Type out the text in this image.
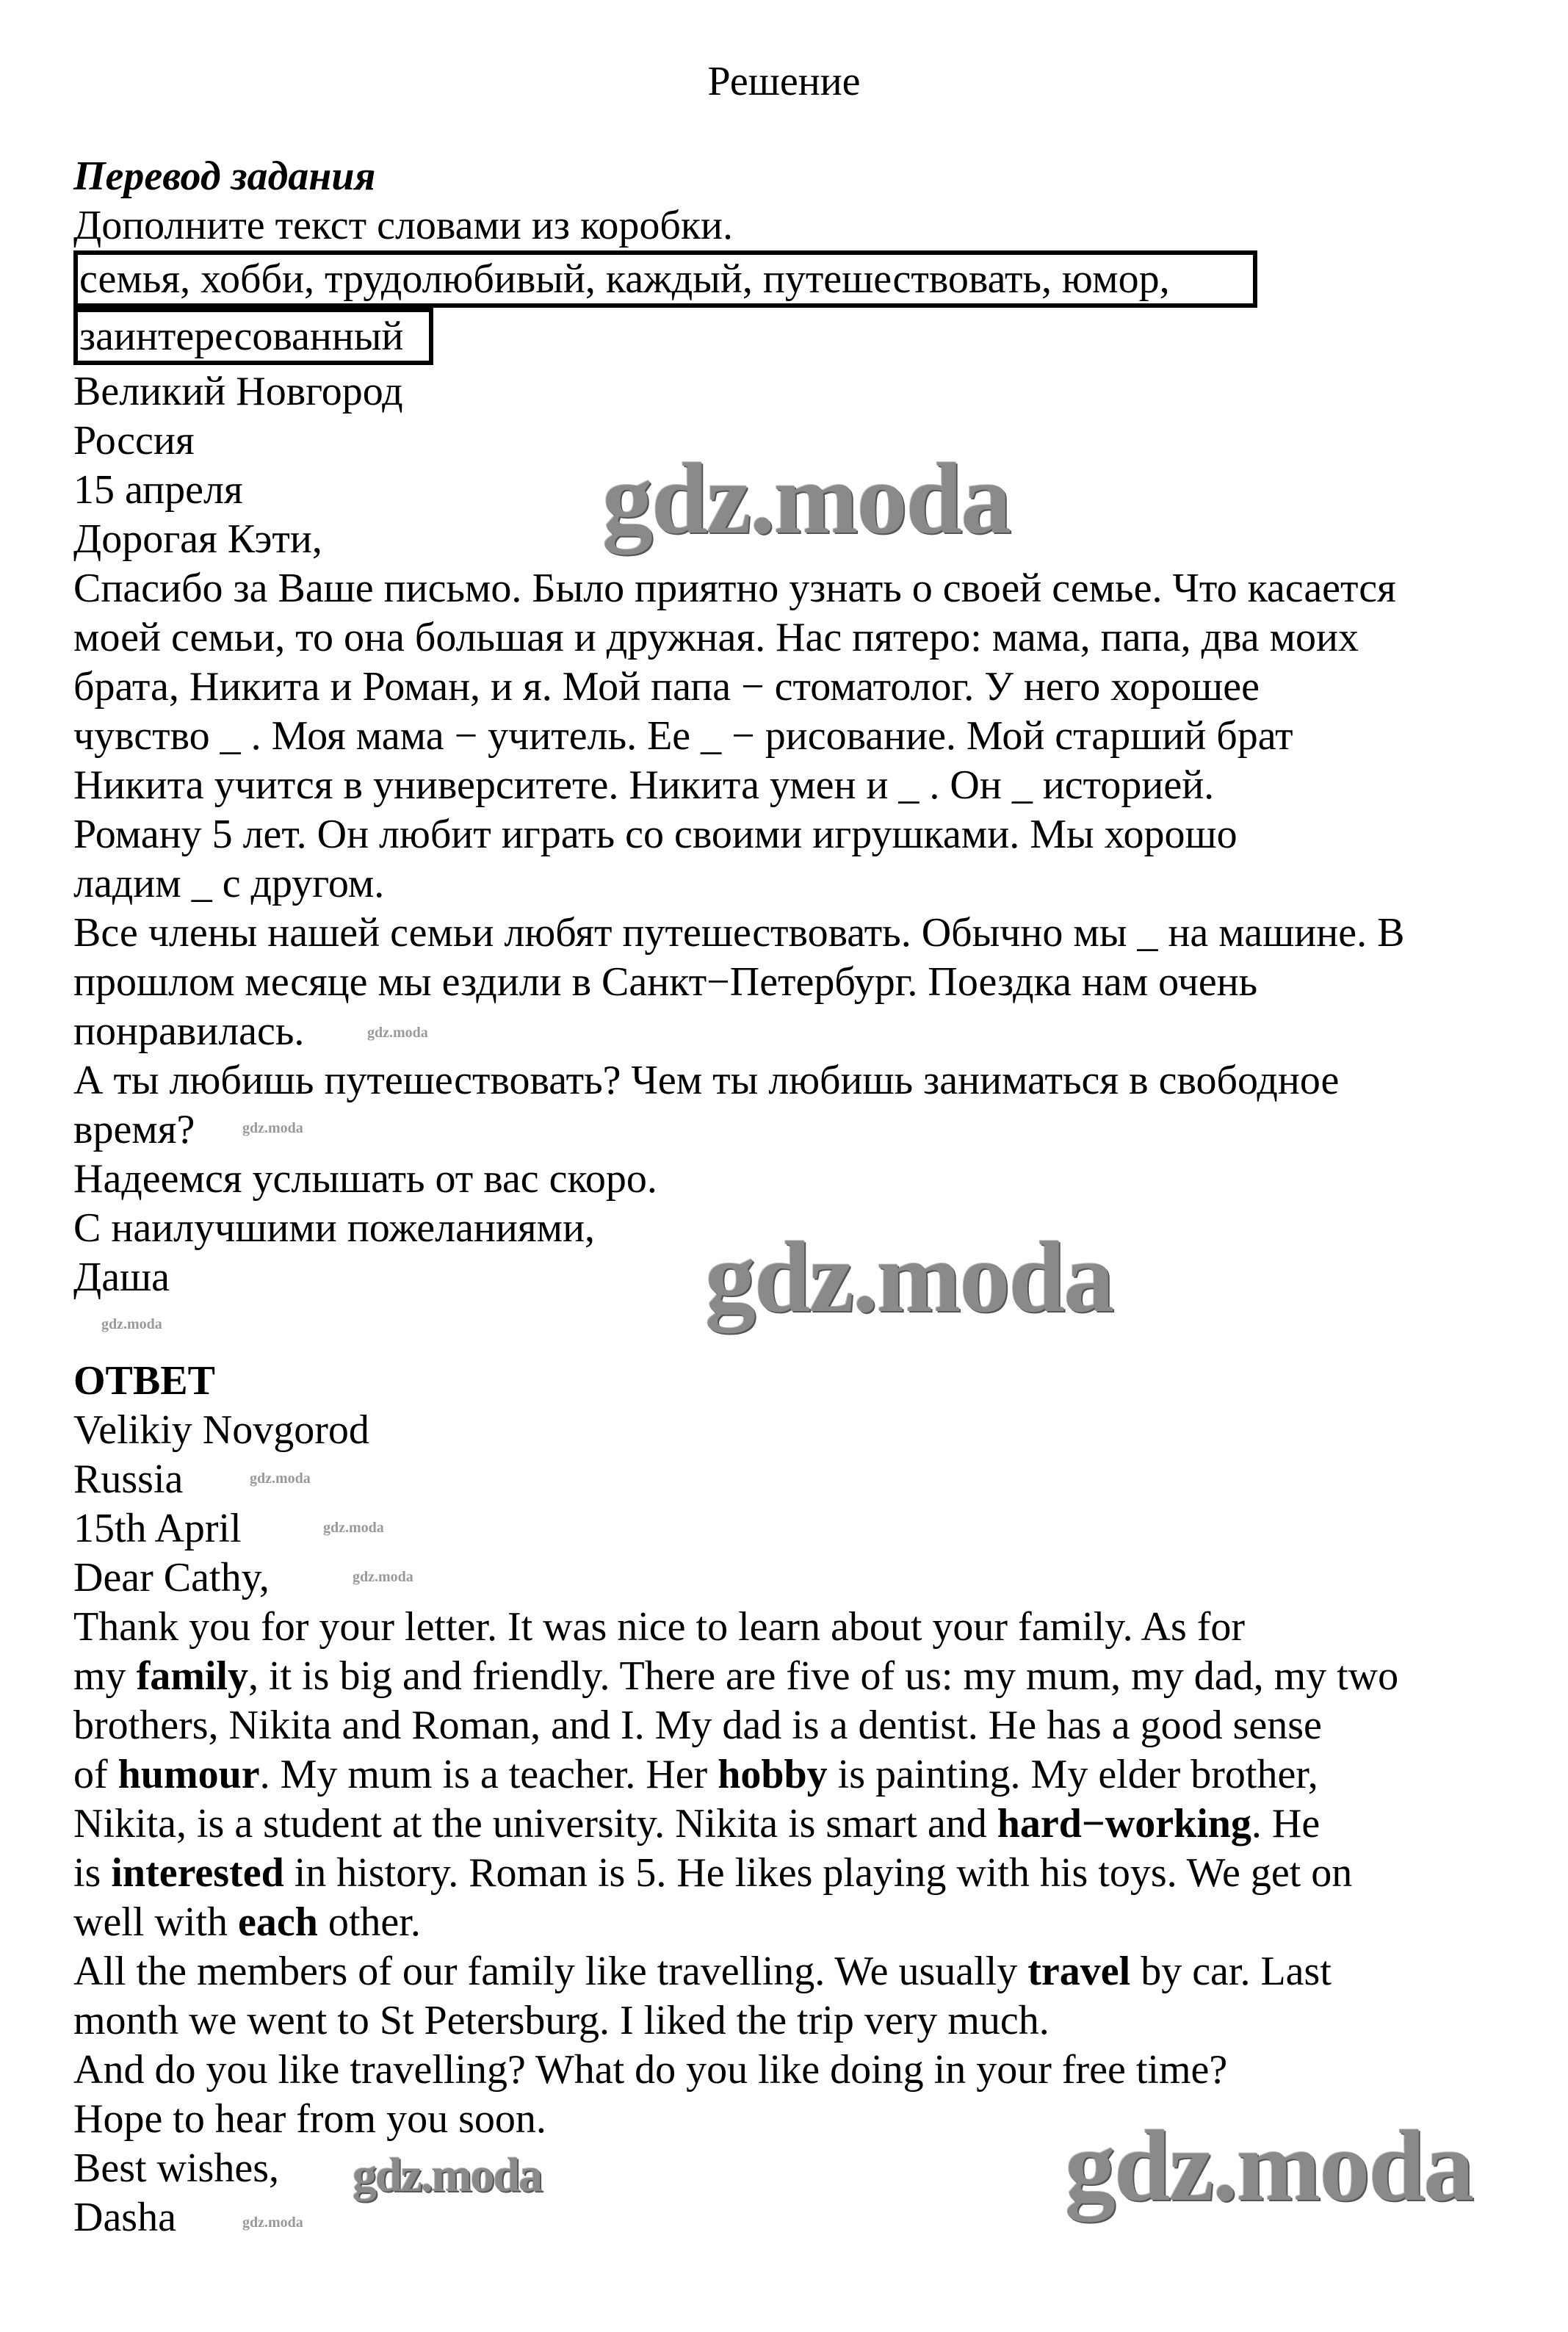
Решение
Перевод задания
Дополните текст словами из коробки.
семья, хобби, трудолюбивый, каждый, путешествовать, юмор,
заинтересованный
Великий Новгород
Россия
15 апреля
Дорогая Кэти,
Спасибо за Ваше письмо. Было приятно узнать о своей семье. Что касается
моей семьи, то она большая и дружная. Нас пятеро: мама, папа, два моих
брата, Никита и Роман, и я. Мой папа − стоматолог. У него хорошее
чувство _ . Моя мама − учитель. Ее _ − рисование. Мой старший брат
Никита учится в университете. Никита умен и _ . Он _ историей.
Роману 5 лет. Он любит играть со своими игрушками. Мы хорошо
ладим _ с другом.
Все члены нашей семьи любят путешествовать. Обычно мы _ на машине. В
прошлом месяце мы ездили в Санкт−Петербург. Поездка нам очень
понравилась.
А ты любишь путешествовать? Чем ты любишь заниматься в свободное
время?
Надеемся услышать от вас скоро.
С наилучшими пожеланиями,
Даша
ОТВЕТ
Velikiy Novgorod
Russia
15th April
Dear Cathy,
Thank you for your letter. It was nice to learn about your family. As for
my family, it is big and friendly. There are five of us: my mum, my dad, my two
brothers, Nikita and Roman, and I. My dad is a dentist. He has a good sense
of humour. My mum is a teacher. Her hobby is painting. My elder brother,
Nikita, is a student at the university. Nikita is smart and hard−working. He
is interested in history. Roman is 5. He likes playing with his toys. We get on
well with each other.
All the members of our family like travelling. We usually travel by car. Last
month we went to St Petersburg. I liked the trip very much.
And do you like travelling? What do you like doing in your free time?
Hope to hear from you soon.
Best wishes,
Dasha
gdz.moda
gdz.moda
gdz.moda
gdz.moda
gdz.moda
gdz.moda
gdz.moda
gdz.moda
gdz.moda
gdz.moda
gdz.moda
